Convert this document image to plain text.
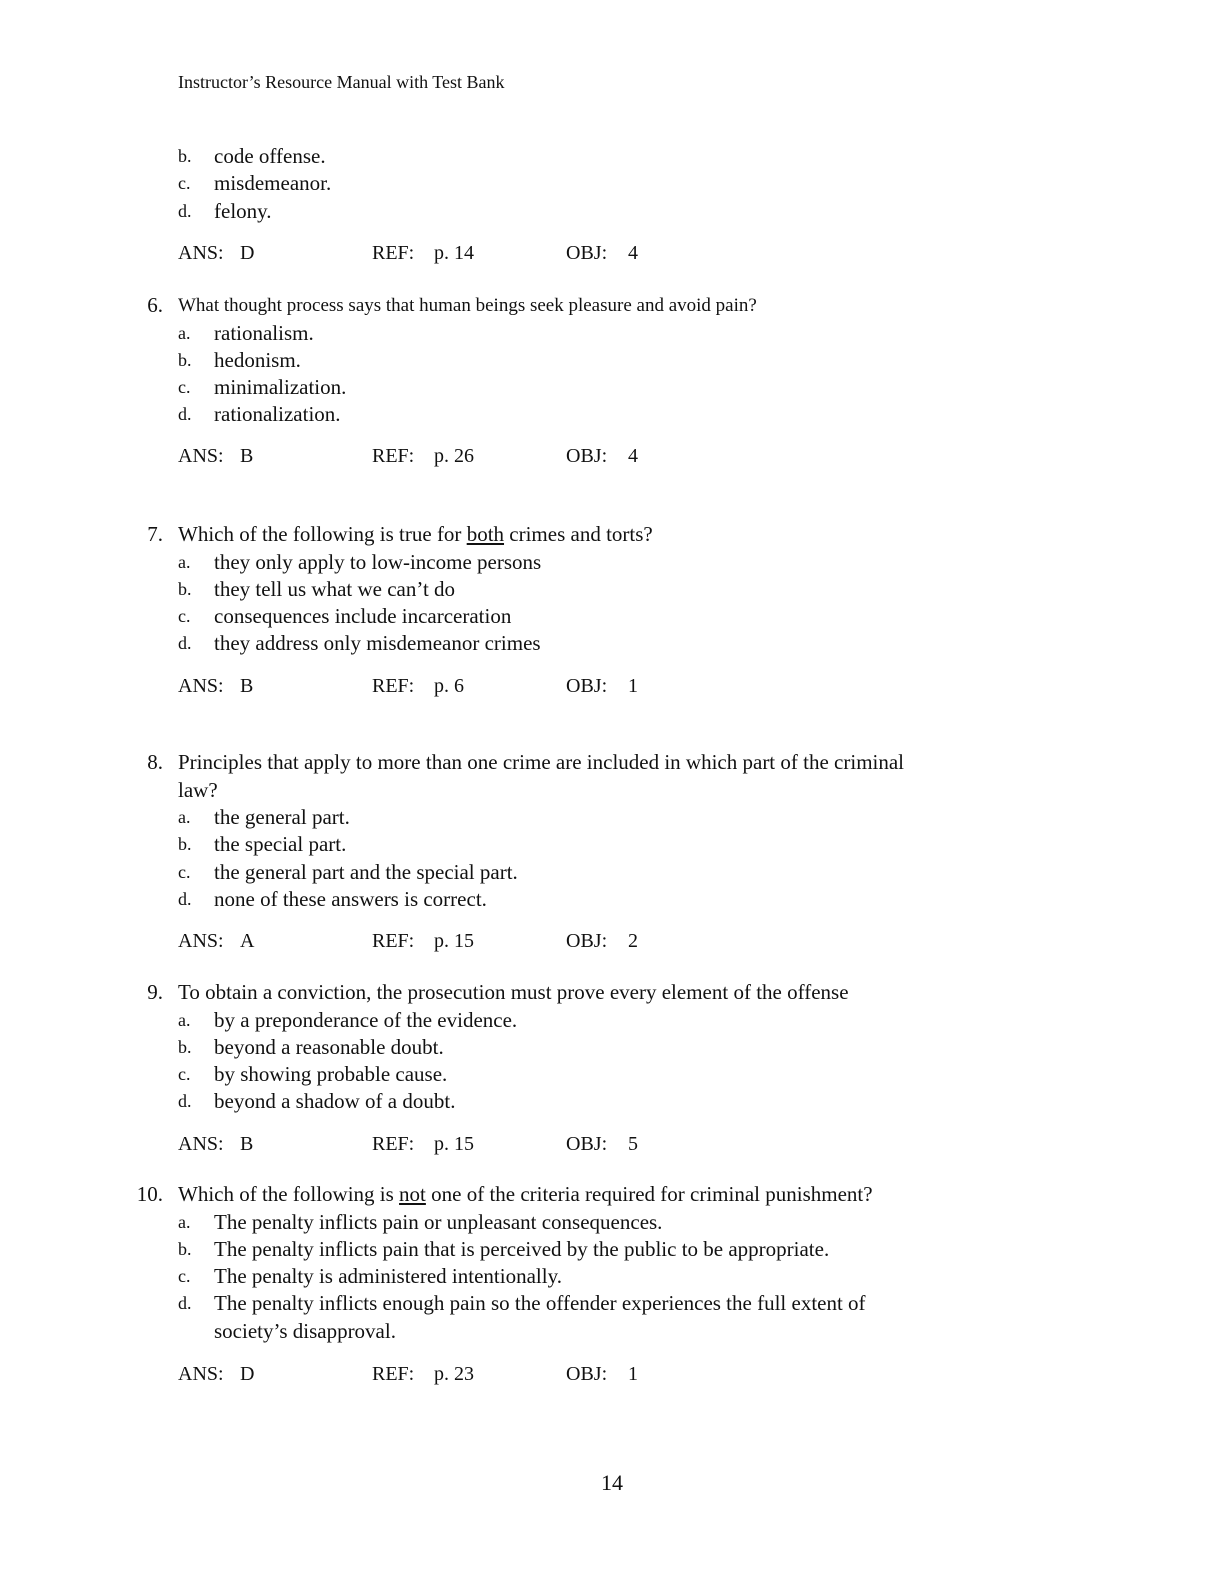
Instructor’s Resource Manual with Test Bank
b. code offense.
c. misdemeanor.
d. felony.
ANS: D	REF: p. 14	OBJ: 4
6. What thought process says that human beings seek pleasure and avoid pain?
a. rationalism.
b. hedonism.
c. minimalization.
d. rationalization.
ANS: B	REF: p. 26	OBJ: 4
7. Which of the following is true for both crimes and torts?
a. they only apply to low-income persons
b. they tell us what we can’t do
c. consequences include incarceration
d. they address only misdemeanor crimes
ANS: B	REF: p. 6	OBJ: 1
8. Principles that apply to more than one crime are included in which part of the criminal
law?
a. the general part.
b. the special part.
c. the general part and the special part.
d. none of these answers is correct.
ANS: A	REF: p. 15	OBJ: 2
9. To obtain a conviction, the prosecution must prove every element of the offense
a. by a preponderance of the evidence.
b. beyond a reasonable doubt.
c. by showing probable cause.
d. beyond a shadow of a doubt.
ANS: B	REF: p. 15	OBJ: 5
10. Which of the following is not one of the criteria required for criminal punishment?
a. The penalty inflicts pain or unpleasant consequences.
b. The penalty inflicts pain that is perceived by the public to be appropriate.
c. The penalty is administered intentionally.
d. The penalty inflicts enough pain so the offender experiences the full extent of
society’s disapproval.
ANS: D	REF: p. 23	OBJ: 1
14
